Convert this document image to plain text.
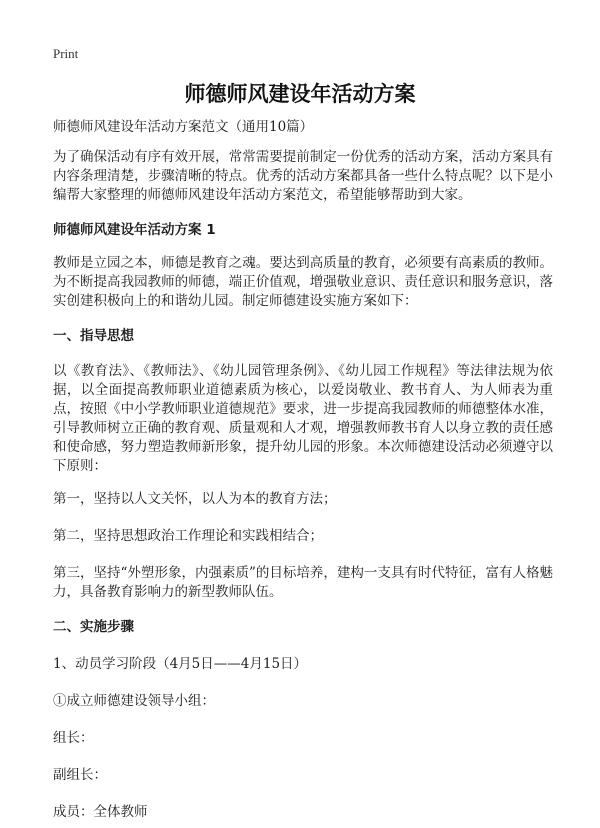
Print
师德师风建设年活动方案

师德师风建设年活动方案范文（通用10篇）

为了确保活动有序有效开展，常常需要提前制定一份优秀的活动方案，活动方案具有内容条理清楚，步骤清晰的特点。优秀的活动方案都具备一些什么特点呢？以下是小编帮大家整理的师德师风建设年活动方案范文，希望能够帮助到大家。

师德师风建设年活动方案 1

教师是立园之本，师德是教育之魂。要达到高质量的教育，必须要有高素质的教师。为不断提高我园教师的师德，端正价值观，增强敬业意识、责任意识和服务意识，落实创建积极向上的和谐幼儿园。制定师德建设实施方案如下：

一、指导思想

以《教育法》、《教师法》、《幼儿园管理条例》、《幼儿园工作规程》等法律法规为依据，以全面提高教师职业道德素质为核心，以爱岗敬业、教书育人、为人师表为重点，按照《中小学教师职业道德规范》要求，进一步提高我园教师的师德整体水准，引导教师树立正确的教育观、质量观和人才观，增强教师教书育人以身立教的责任感和使命感，努力塑造教师新形象，提升幼儿园的形象。本次师德建设活动必须遵守以下原则：

第一，坚持以人文关怀，以人为本的教育方法；

第二，坚持思想政治工作理论和实践相结合；

第三，坚持“外塑形象，内强素质”的目标培养，建构一支具有时代特征，富有人格魅力，具备教育影响力的新型教师队伍。

二、实施步骤

1、动员学习阶段（4月5日——4月15日）

①成立师德建设领导小组：

组长：

副组长：

成员：全体教师
